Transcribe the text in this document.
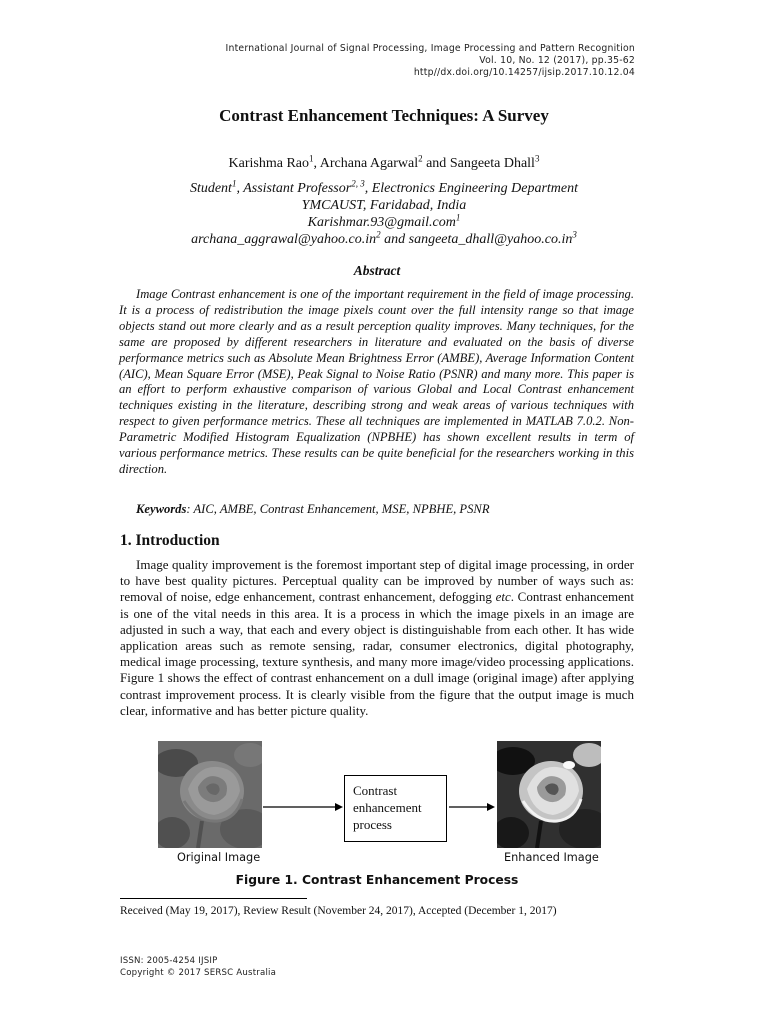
International Journal of Signal Processing, Image Processing and Pattern Recognition
Vol. 10, No. 12 (2017), pp.35-62
http//dx.doi.org/10.14257/ijsip.2017.10.12.04
Contrast Enhancement Techniques: A Survey
Karishma Rao$^1$, Archana Agarwal$^2$ and Sangeeta Dhall$^3$
Student$^1$, Assistant Professor$^{2, 3}$, Electronics Engineering Department
YMCAUST, Faridabad, India
Karishmar.93@gmail.com$^1$
$archana\_aggrawal@yahoo.co.in^2$ and $sangeeta\_dhall@yahoo.co.in^3$
Abstract
Image Contrast enhancement is one of the important requirement in the field of image processing. It is a process of redistribution the image pixels count over the full intensity range so that image objects stand out more clearly and as a result perception quality improves. Many techniques, for the same are proposed by different researchers in literature and evaluated on the basis of diverse performance metrics such as Absolute Mean Brightness Error (AMBE), Average Information Content (AIC), Mean Square Error (MSE), Peak Signal to Noise Ratio (PSNR) and many more. This paper is an effort to perform exhaustive comparison of various Global and Local Contrast enhancement techniques existing in the literature, describing strong and weak areas of various techniques with respect to given performance metrics. These all techniques are implemented in MATLAB 7.0.2. Non-Parametric Modified Histogram Equalization (NPBHE) has shown excellent results in term of various performance metrics. These results can be quite beneficial for the researchers working in this direction.
Keywords: AIC, AMBE, Contrast Enhancement, MSE, NPBHE, PSNR
1. Introduction
Image quality improvement is the foremost important step of digital image processing, in order to have best quality pictures. Perceptual quality can be improved by number of ways such as: removal of noise, edge enhancement, contrast enhancement, defogging etc. Contrast enhancement is one of the vital needs in this area. It is a process in which the image pixels in an image are adjusted in such a way, that each and every object is distinguishable from each other. It has wide application areas such as remote sensing, radar, consumer electronics, digital photography, medical image processing, texture synthesis, and many more image/video processing applications. Figure 1 shows the effect of contrast enhancement on a dull image (original image) after applying contrast improvement process. It is clearly visible from the figure that the output image is much clear, informative and has better picture quality.
Contrast
enhancement
process
Original Image	Enhanced Image
Figure 1. Contrast Enhancement Process
Received (May 19, 2017), Review Result (November 24, 2017), Accepted (December 1, 2017)
ISSN: 2005-4254 IJSIP
Copyright © 2017 SERSC Australia
